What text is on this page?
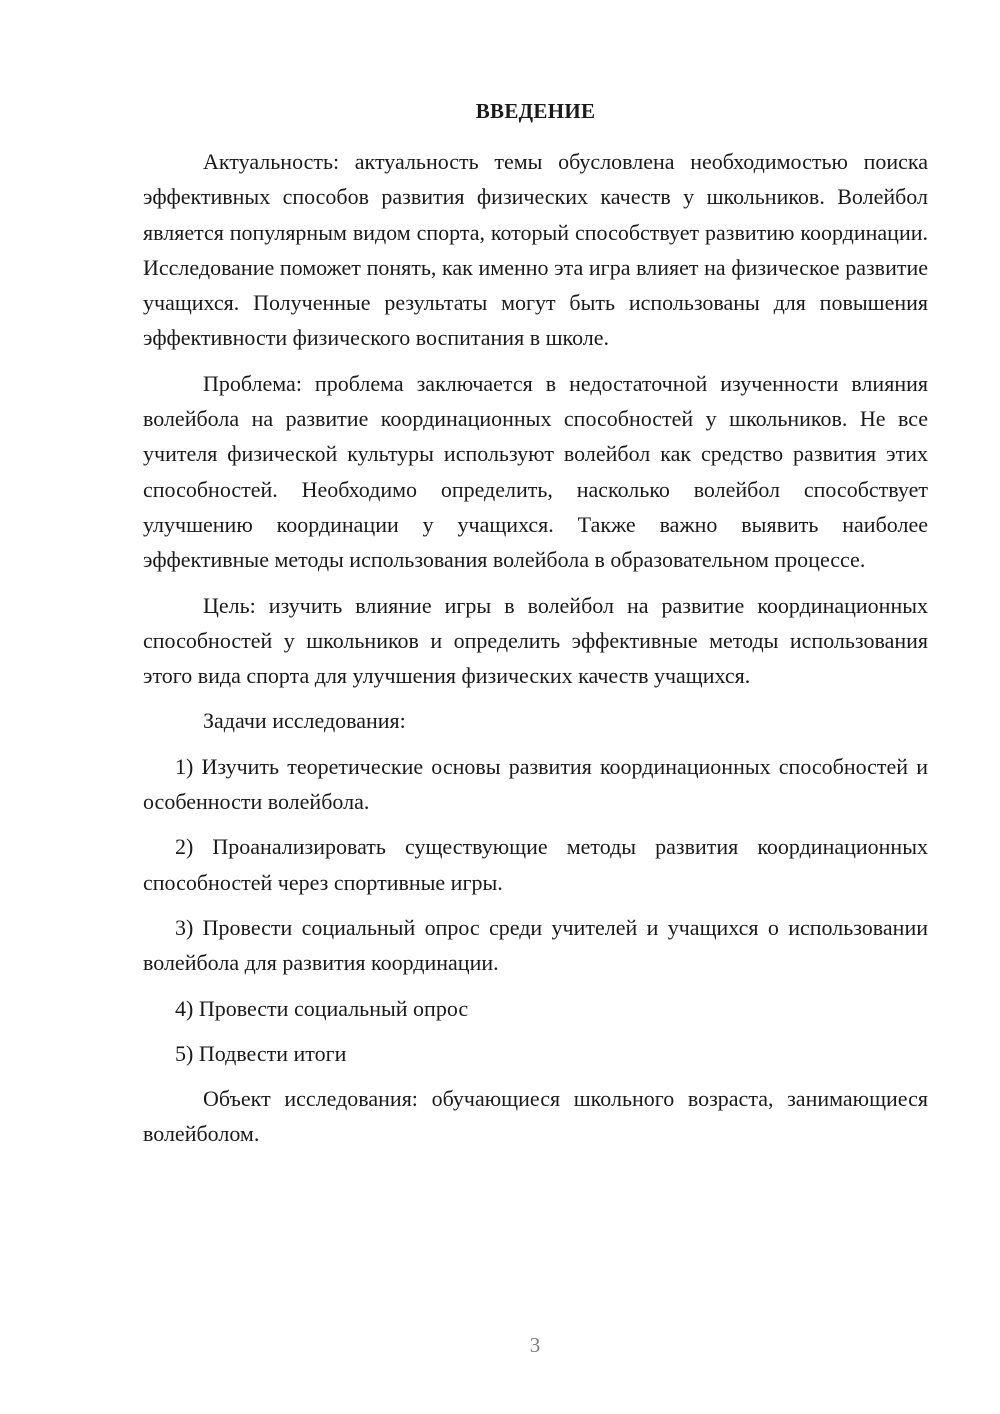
ВВЕДЕНИЕ

Актуальность: актуальность темы обусловлена необходимостью поиска эффективных способов развития физических качеств у школьников. Волейбол является популярным видом спорта, который способствует развитию координации. Исследование поможет понять, как именно эта игра влияет на физическое развитие учащихся. Полученные результаты могут быть использованы для повышения эффективности физического воспитания в школе.

Проблема: проблема заключается в недостаточной изученности влияния волейбола на развитие координационных способностей у школьников. Не все учителя физической культуры используют волейбол как средство развития этих способностей. Необходимо определить, насколько волейбол способствует улучшению координации у учащихся. Также важно выявить наиболее эффективные методы использования волейбола в образовательном процессе.

Цель: изучить влияние игры в волейбол на развитие координационных способностей у школьников и определить эффективные методы использования этого вида спорта для улучшения физических качеств учащихся.

Задачи исследования:

1) Изучить теоретические основы развития координационных способностей и особенности волейбола.

2) Проанализировать существующие методы развития координационных способностей через спортивные игры.

3) Провести социальный опрос среди учителей и учащихся о использовании волейбола для развития координации.

4) Провести социальный опрос

5) Подвести итоги

Объект исследования: обучающиеся школьного возраста, занимающиеся волейболом.

3
